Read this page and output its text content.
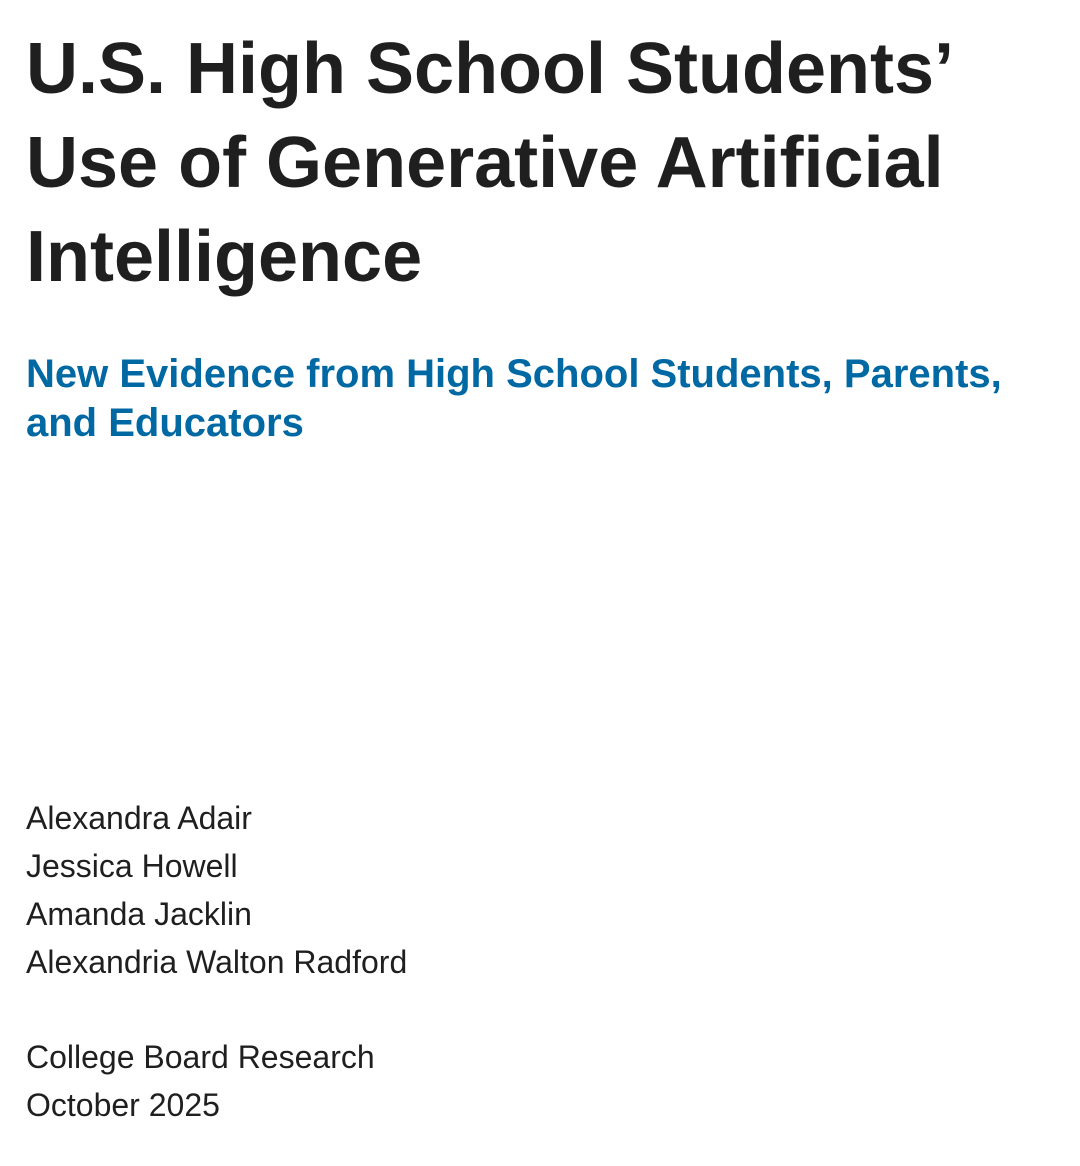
U.S. High School Students’
Use of Generative Artificial
Intelligence
New Evidence from High School Students, Parents,
and Educators
Alexandra Adair
Jessica Howell
Amanda Jacklin
Alexandria Walton Radford
College Board Research
October 2025
